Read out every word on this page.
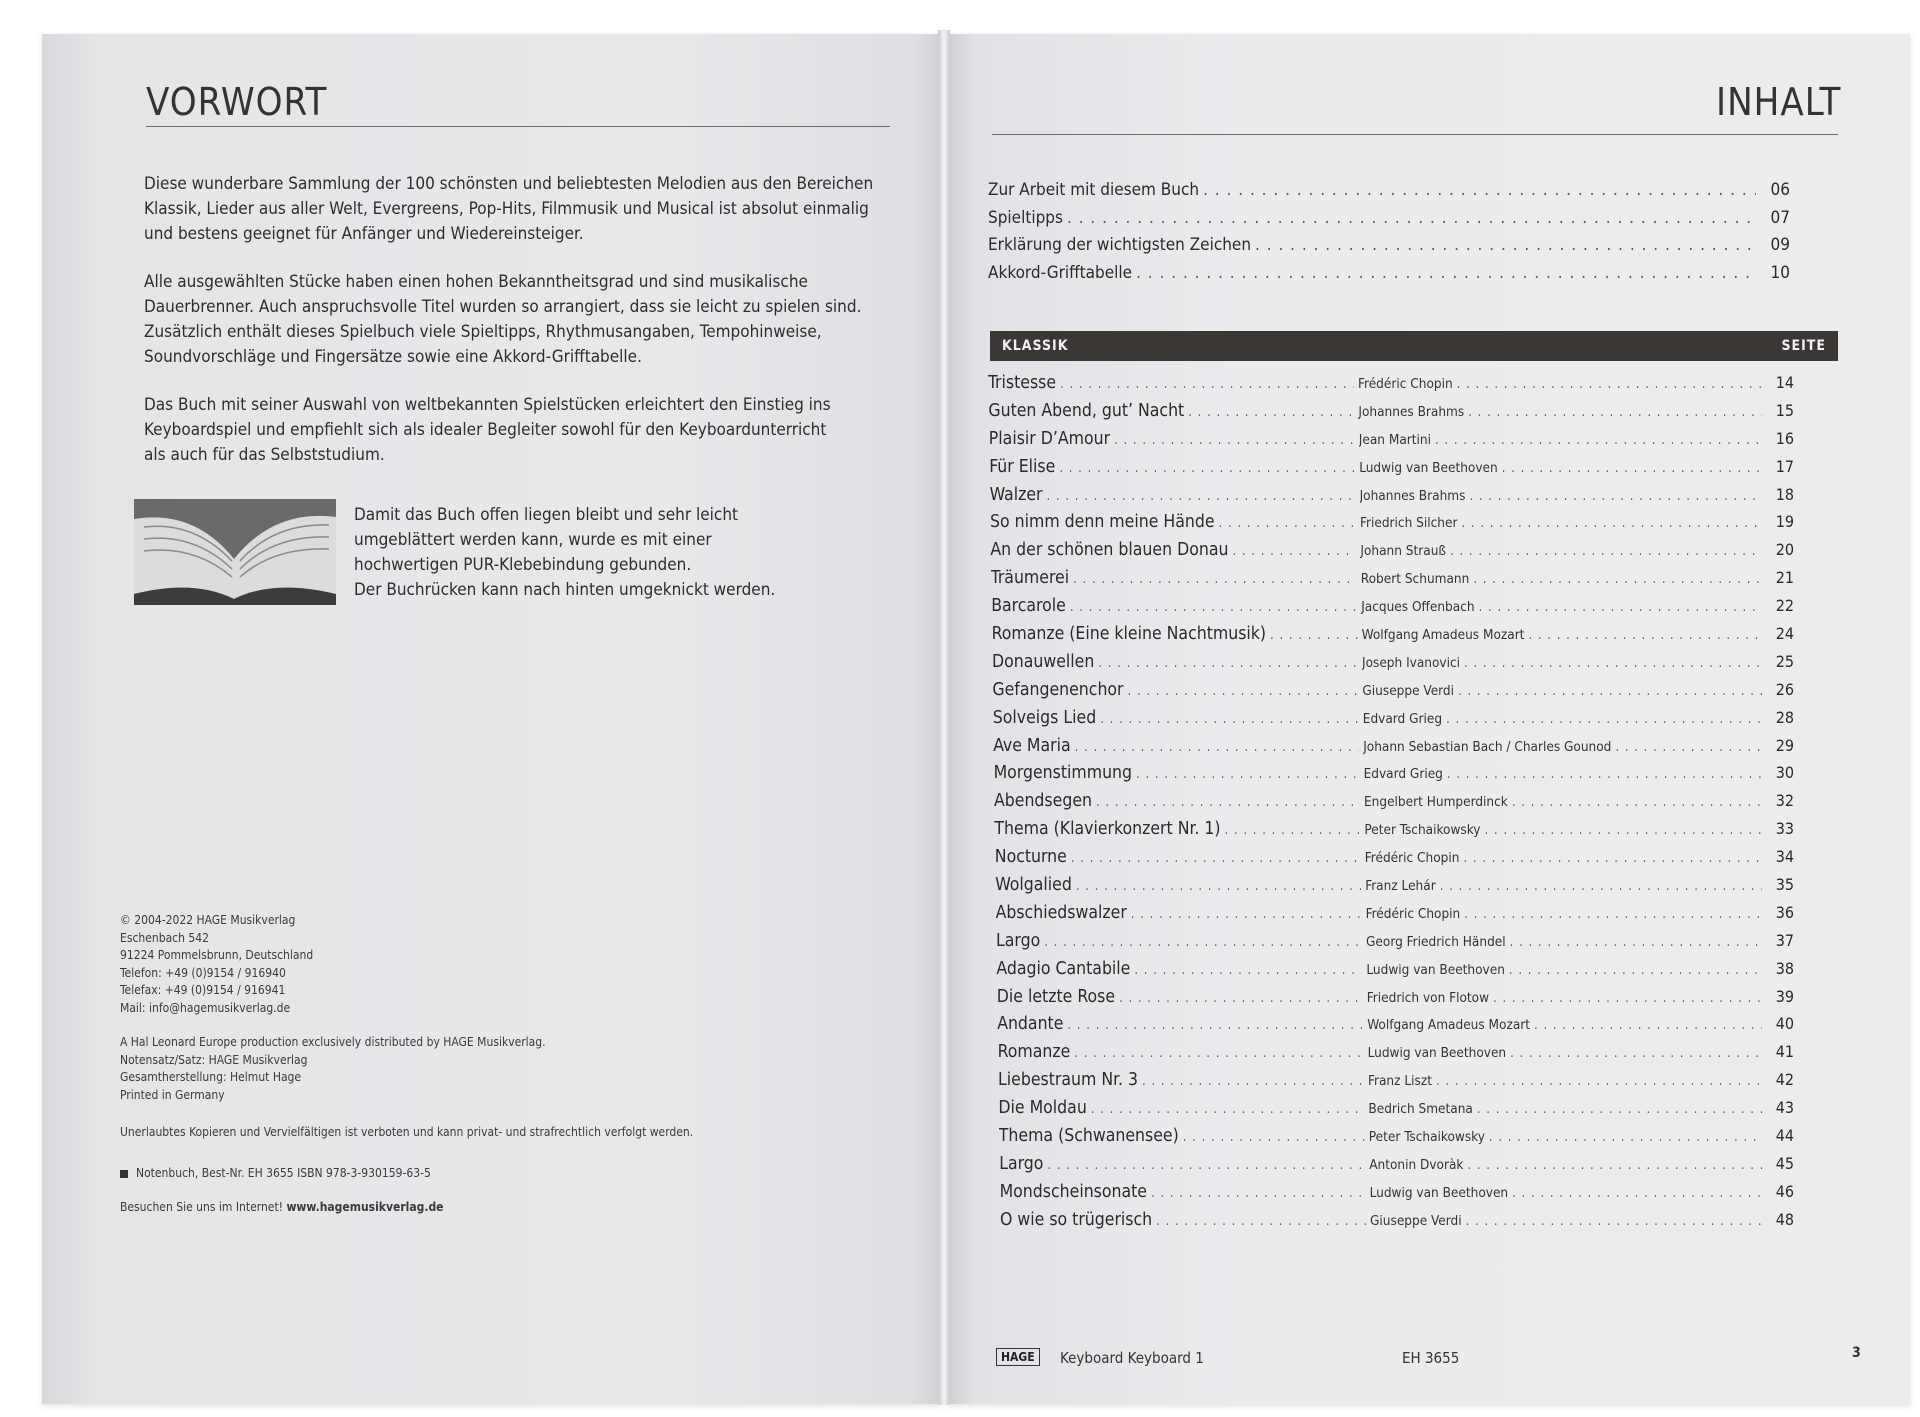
VORWORT
Diese wunderbare Sammlung der 100 schönsten und beliebtesten Melodien aus den Bereichen
Klassik, Lieder aus aller Welt, Evergreens, Pop-Hits, Filmmusik und Musical ist absolut einmalig
und bestens geeignet für Anfänger und Wiedereinsteiger.
Alle ausgewählten Stücke haben einen hohen Bekanntheitsgrad und sind musikalische
Dauerbrenner. Auch anspruchsvolle Titel wurden so arrangiert, dass sie leicht zu spielen sind.
Zusätzlich enthält dieses Spielbuch viele Spieltipps, Rhythmusangaben, Tempohinweise,
Soundvorschläge und Fingersätze sowie eine Akkord-Grifftabelle.
Das Buch mit seiner Auswahl von weltbekannten Spielstücken erleichtert den Einstieg ins
Keyboardspiel und empfiehlt sich als idealer Begleiter sowohl für den Keyboardunterricht
als auch für das Selbststudium.
Damit das Buch offen liegen bleibt und sehr leicht
umgeblättert werden kann, wurde es mit einer
hochwertigen PUR-Klebebindung gebunden.
Der Buchrücken kann nach hinten umgeknickt werden.
© 2004-2022 HAGE Musikverlag
Eschenbach 542
91224 Pommelsbrunn, Deutschland
Telefon: +49 (0)9154 / 916940
Telefax: +49 (0)9154 / 916941
Mail: info@hagemusikverlag.de
A Hal Leonard Europe production exclusively distributed by HAGE Musikverlag.
Notensatz/Satz: HAGE Musikverlag
Gesamtherstellung: Helmut Hage
Printed in Germany
Unerlaubtes Kopieren und Vervielfältigen ist verboten und kann privat- und strafrechtlich verfolgt werden.
Notenbuch, Best-Nr. EH 3655 ISBN 978-3-930159-63-5
Besuchen Sie uns im Internet! www.hagemusikverlag.de
INHALT
Zur Arbeit mit diesem Buch . . .	06
Spieltipps . . .	07
Erklärung der wichtigsten Zeichen . . .	09
Akkord-Grifftabelle . . .	10
KLASSIK	SEITE
Tristesse . . .	Frédéric Chopin . . .	14
Guten Abend, gut’ Nacht . . .	Johannes Brahms . . .	15
Plaisir D’Amour . . .	Jean Martini . . .	16
Für Elise . . .	Ludwig van Beethoven . . .	17
Walzer . . .	Johannes Brahms . . .	18
So nimm denn meine Hände . . .	Friedrich Silcher . . .	19
An der schönen blauen Donau . . .	Johann Strauß . . .	20
Träumerei . . .	Robert Schumann . . .	21
Barcarole . . .	Jacques Offenbach . . .	22
Romanze (Eine kleine Nachtmusik) . . .	Wolfgang Amadeus Mozart . . .	24
Donauwellen . . .	Joseph Ivanovici . . .	25
Gefangenenchor . . .	Giuseppe Verdi . . .	26
Solveigs Lied . . .	Edvard Grieg . . .	28
Ave Maria . . .	Johann Sebastian Bach / Charles Gounod . . .	29
Morgenstimmung . . .	Edvard Grieg . . .	30
Abendsegen . . .	Engelbert Humperdinck . . .	32
Thema (Klavierkonzert Nr. 1) . . .	Peter Tschaikowsky . . .	33
Nocturne . . .	Frédéric Chopin . . .	34
Wolgalied . . .	Franz Lehár . . .	35
Abschiedswalzer . . .	Frédéric Chopin . . .	36
Largo . . .	Georg Friedrich Händel . . .	37
Adagio Cantabile . . .	Ludwig van Beethoven . . .	38
Die letzte Rose . . .	Friedrich von Flotow . . .	39
Andante . . .	Wolfgang Amadeus Mozart . . .	40
Romanze . . .	Ludwig van Beethoven . . .	41
Liebestraum Nr. 3 . . .	Franz Liszt . . .	42
Die Moldau . . .	Bedrich Smetana . . .	43
Thema (Schwanensee) . . .	Peter Tschaikowsky . . .	44
Largo . . .	Antonin Dvoràk . . .	45
Mondscheinsonate . . .	Ludwig van Beethoven . . .	46
O wie so trügerisch . . .	Giuseppe Verdi . . .	48
HAGE	Keyboard Keyboard 1	EH 3655	3
